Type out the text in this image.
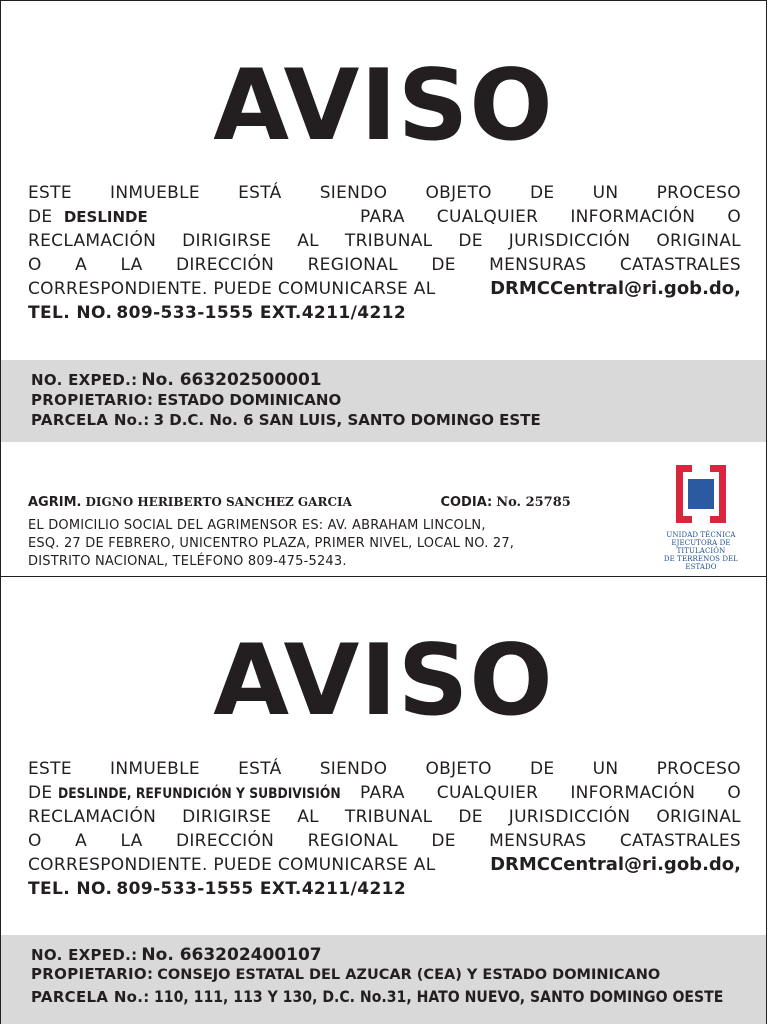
AVISO
ESTE INMUEBLE ESTÁ SIENDO OBJETO DE UN PROCESO
DE DESLINDE	PARA CUALQUIER INFORMACIÓN O
RECLAMACIÓN DIRIGIRSE AL TRIBUNAL DE JURISDICCIÓN ORIGINAL
O A LA DIRECCIÓN REGIONAL DE MENSURAS CATASTRALES
CORRESPONDIENTE. PUEDE COMUNICARSE AL	DRMCCentral@ri.gob.do,
TEL. NO. 809-533-1555 EXT.4211/4212
NO. EXPED.: No. 663202500001
PROPIETARIO: ESTADO DOMINICANO
PARCELA No.: 3 D.C. No. 6 SAN LUIS, SANTO DOMINGO ESTE
AGRIM. DIGNO HERIBERTO SANCHEZ GARCIA	CODIA: No. 25785
EL DOMICILIO SOCIAL DEL AGRIMENSOR ES: AV. ABRAHAM LINCOLN,
ESQ. 27 DE FEBRERO, UNICENTRO PLAZA, PRIMER NIVEL, LOCAL NO. 27,
DISTRITO NACIONAL, TELÉFONO 809-475-5243.
UNIDAD TÉCNICA
EJECUTORA DE TITULACIÓN
DE TERRENOS DEL ESTADO
AVISO
ESTE INMUEBLE ESTÁ SIENDO OBJETO DE UN PROCESO
DE DESLINDE, REFUNDICIÓN Y SUBDIVISIÓN PARA CUALQUIER INFORMACIÓN O
RECLAMACIÓN DIRIGIRSE AL TRIBUNAL DE JURISDICCIÓN ORIGINAL
O A LA DIRECCIÓN REGIONAL DE MENSURAS CATASTRALES
CORRESPONDIENTE. PUEDE COMUNICARSE AL	DRMCCentral@ri.gob.do,
TEL. NO. 809-533-1555 EXT.4211/4212
NO. EXPED.: No. 663202400107
PROPIETARIO: CONSEJO ESTATAL DEL AZUCAR (CEA) Y ESTADO DOMINICANO
PARCELA No.: 110, 111, 113 Y 130, D.C. No.31, HATO NUEVO, SANTO DOMINGO OESTE
